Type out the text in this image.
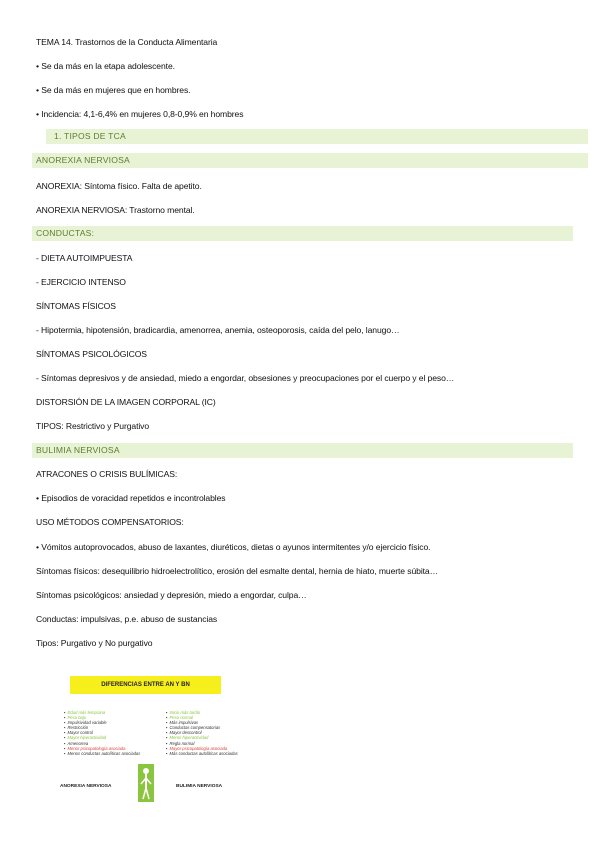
TEMA 14. Trastornos de la Conducta Alimentaria
• Se da más en la etapa adolescente.
• Se da más en mujeres que en hombres.
• Incidencia: 4,1-6,4% en mujeres 0,8-0,9% en hombres
1. TIPOS DE TCA
ANOREXIA NERVIOSA
ANOREXIA: Síntoma físico. Falta de apetito.
ANOREXIA NERVIOSA: Trastorno mental.
CONDUCTAS:
- DIETA AUTOIMPUESTA
- EJERCICIO INTENSO
SÍNTOMAS FÍSICOS
- Hipotermia, hipotensión, bradicardia, amenorrea, anemia, osteoporosis, caída del pelo, lanugo…
SÍNTOMAS PSICOLÓGICOS
- Síntomas depresivos y de ansiedad, miedo a engordar, obsesiones y preocupaciones por el cuerpo y el peso…
DISTORSIÓN DE LA IMAGEN CORPORAL (IC)
TIPOS: Restrictivo y Purgativo
BULIMIA NERVIOSA
ATRACONES O CRISIS BULÍMICAS:
• Episodios de voracidad repetidos e incontrolables
USO MÉTODOS COMPENSATORIOS:
• Vómitos autoprovocados, abuso de laxantes, diuréticos, dietas o ayunos intermitentes y/o ejercicio físico.
Síntomas físicos: desequilibrio hidroelectrolítico, erosión del esmalte dental, hernia de hiato, muerte súbita…
Síntomas psicológicos: ansiedad y depresión, miedo a engordar, culpa…
Conductas: impulsivas, p.e. abuso de sustancias
Tipos: Purgativo y No purgativo
DIFERENCIAS ENTRE AN Y BN
▪ Edad más temprana
▪ Peso bajo
▪ Impulsividad variable
▪ Restricción
▪ Mayor control
▪ Mayor hiperactividad
▪ Amenorrea
▪ Menor psicopatología asociada
▪ Menos conductas autolíticas asociadas
▪ Inicio más tardío
▪ Peso normal
▪ Más impulsivas
▪ Conductas compensatorias
▪ Mayor descontrol
▪ Menor hiperactividad
▪ Regla normal
▪ Mayor psicopatología asociada
▪ Más conductas autolíticas asociadas
ANOREXIA NERVIOSA	BULIMIA NERVIOSA
